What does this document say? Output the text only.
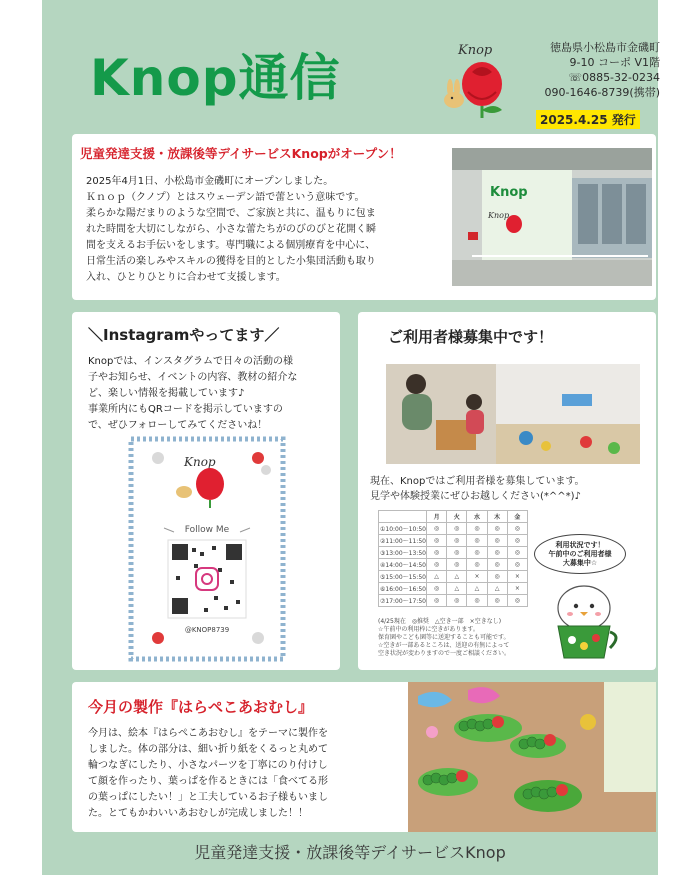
Knop通信	Knop	徳島県小松島市金磯町
9-10 コーポ V1階
☏0885-32-0234
090-1646-8739(携帯)
2025.4.25 発行
児童発達支援・放課後等デイサービスKnopがオープン！
2025年4月1日、小松島市金磯町にオープンしました。
Ｋｎｏｐ（クノプ）とはスウェーデン語で蕾という意味です。
柔らかな陽だまりのような空間で、ご家族と共に、温もりに包ま
れた時間を大切にしながら、小さな蕾たちがのびのびと花開く瞬
間を支えるお手伝いをします。専門職による個別療育を中心に、
日常生活の楽しみやスキルの獲得を目的とした小集団活動も取り
入れ、ひとりひとりに合わせて支援します。
Knop
Knop
＼Instagramやってます／
Knopでは、インスタグラムで日々の活動の様
子やお知らせ、イベントの内容、教材の紹介な
ど、楽しい情報を掲載しています♪
事業所内にもQRコードを掲示していますの
で、ぜひフォローしてみてくださいね！
Knop
Follow Me
@KNOP8739
ご利用者様募集中です！
現在、Knopではご利用者様を募集しています。
見学や体験授業にぜひお越しください(*^^*)♪
	月	火	水	木	金
①10:00〜10:50	◎	◎	◎	◎	◎
②11:00〜11:50	◎	◎	◎	◎	◎
③13:00〜13:50	◎	◎	◎	◎	◎
④14:00〜14:50	◎	◎	◎	◎	◎
⑤15:00〜15:50	△	△	×	◎	×
⑥16:00〜16:50	◎	△	△	△	×
⑦17:00〜17:50	◎	◎	◎	◎	◎
(4/25現在　◎推奨　△空き一部　×空きなし)
☆午前中の利用枠に空きがあります。
保育園やこども園等に送迎することも可能です。
☆空きが一部あるところは、送迎の有無によって
空き状況が変わりますので一度ご相談ください。
利用状況です！
午前中のご利用者様
大募集中☆
今月の製作『はらぺこあおむし』
今月は、絵本『はらぺこあおむし』をテーマに製作を
しました。体の部分は、細い折り紙をくるっと丸めて
輪つなぎにしたり、小さなパーツを丁寧にのり付けし
て顔を作ったり、葉っぱを作るときには「食べてる形
の葉っぱにしたい！」と工夫しているお子様もいまし
た。とてもかわいいあおむしが完成しました！！
児童発達支援・放課後等デイサービスKnop
